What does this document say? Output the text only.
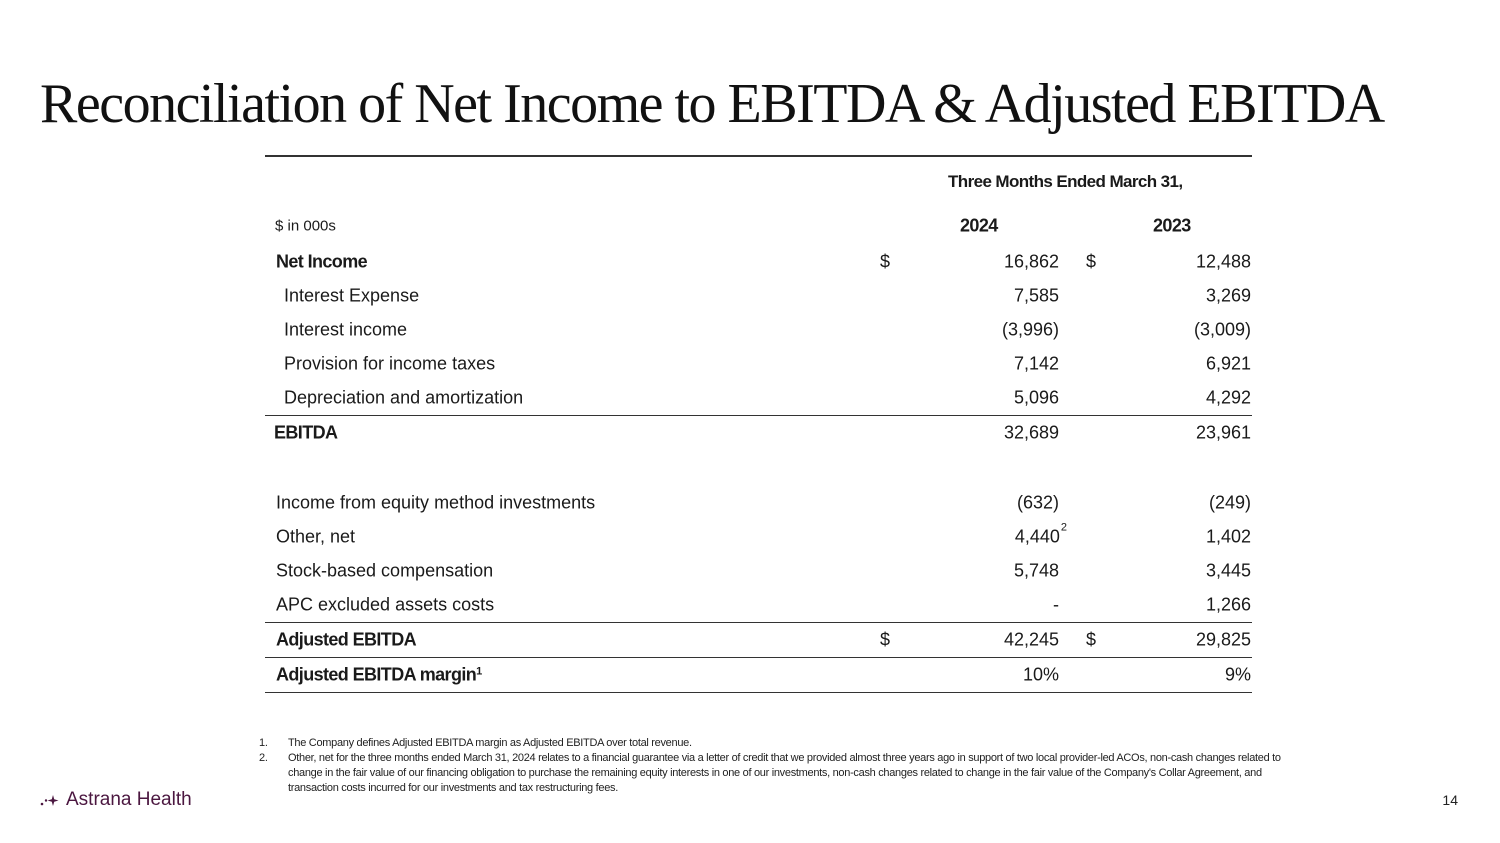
Reconciliation of Net Income to EBITDA & Adjusted EBITDA
Three Months Ended March 31,
$ in 000s	2024	2023
Net Income	$	16,862 $	12,488
Interest Expense	7,585	3,269
Interest income	(3,996)	(3,009)
Provision for income taxes	7,142	6,921
Depreciation and amortization	5,096	4,292
EBITDA	32,689	23,961
Income from equity method investments	(632)	(249)
Other, net	4,440$^2$	1,402
Stock-based compensation	5,748	3,445
APC excluded assets costs	-	1,266
Adjusted EBITDA	$	42,245 $	29,825
Adjusted EBITDA margin$^1$	10%	9%
1. The Company defines Adjusted EBITDA margin as Adjusted EBITDA over total revenue.
2. Other, net for the three months ended March 31, 2024 relates to a financial guarantee via a letter of credit that we provided almost three years ago in support of two local provider-led ACOs, non-cash changes related to change in the fair value of our financing obligation to purchase the remaining equity interests in one of our investments, non-cash changes related to change in the fair value of the Company's Collar Agreement, and transaction costs incurred for our investments and tax restructuring fees.
Astrana Health	14
